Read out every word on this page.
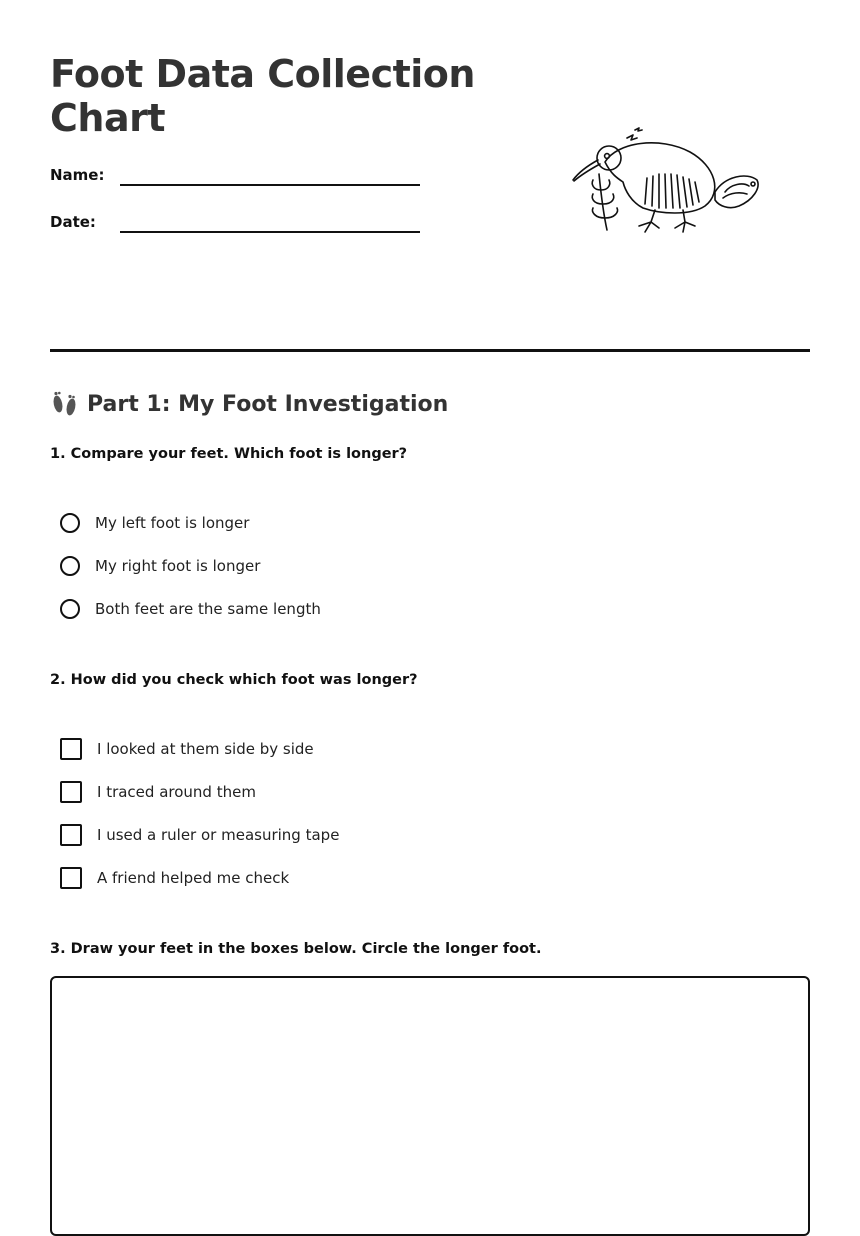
Foot Data Collection Chart
Name:
Date:
Part 1: My Foot Investigation
1. Compare your feet. Which foot is longer?
My left foot is longer
My right foot is longer
Both feet are the same length
2. How did you check which foot was longer?
I looked at them side by side
I traced around them
I used a ruler or measuring tape
A friend helped me check
3. Draw your feet in the boxes below. Circle the longer foot.
